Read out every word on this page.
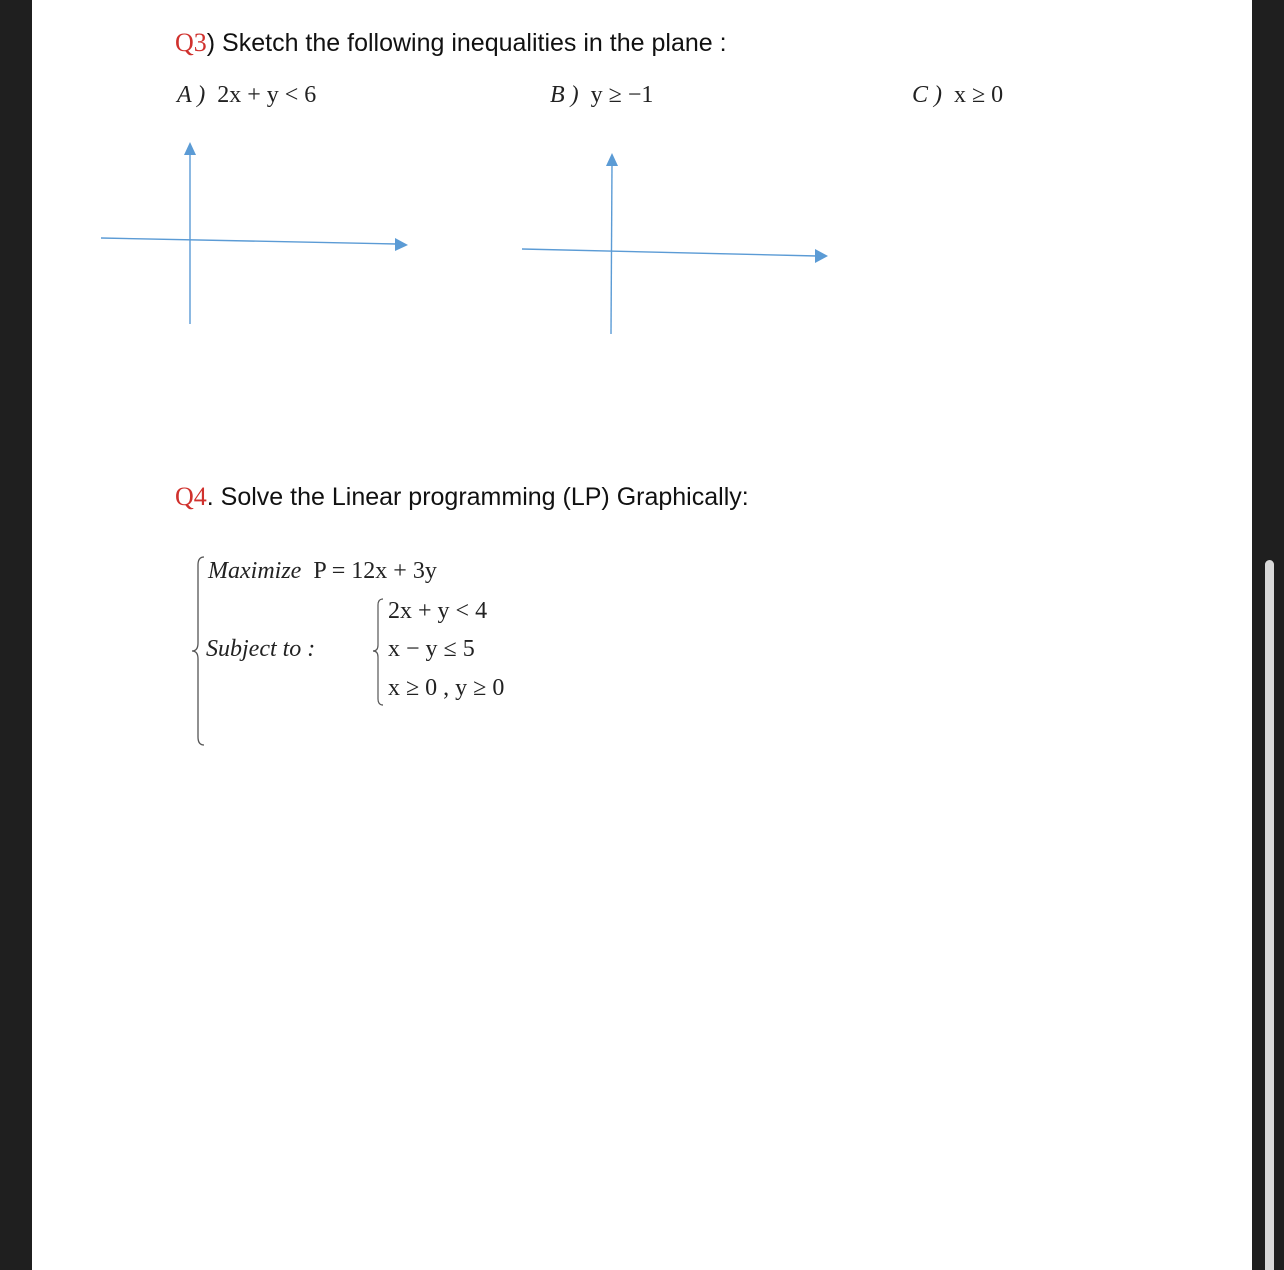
Q3) Sketch the following inequalities in the plane :
A ) 2x + y < 6	B ) y ≥ −1	C ) x ≥ 0
Q4. Solve the Linear programming (LP) Graphically:
Maximize P = 12x + 3y
Subject to :
2x + y < 4
x − y ≤ 5
x ≥ 0 , y ≥ 0
